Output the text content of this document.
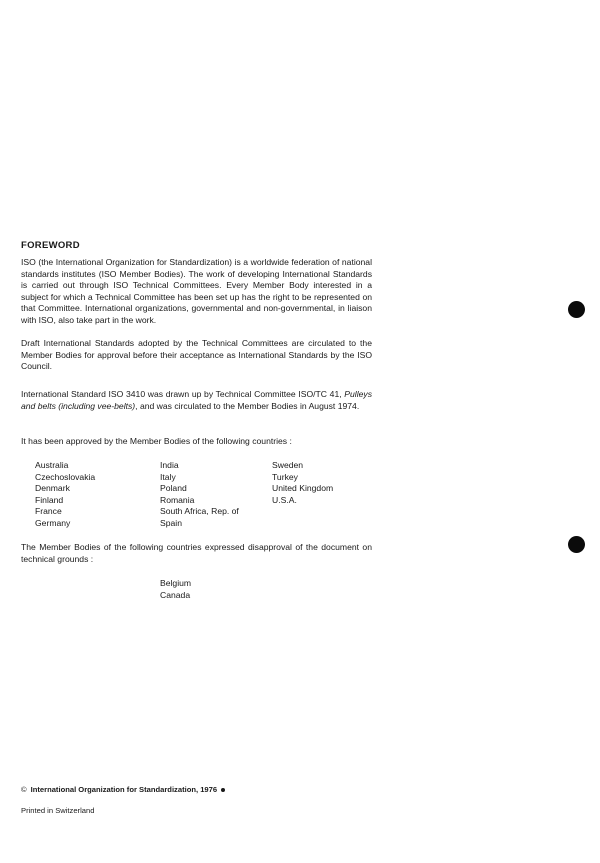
FOREWORD

ISO (the International Organization for Standardization) is a worldwide federation of national standards institutes (ISO Member Bodies). The work of developing International Standards is carried out through ISO Technical Committees. Every Member Body interested in a subject for which a Technical Committee has been set up has the right to be represented on that Committee. International organizations, governmental and non-governmental, in liaison with ISO, also take part in the work.

Draft International Standards adopted by the Technical Committees are circulated to the Member Bodies for approval before their acceptance as International Standards by the ISO Council.

International Standard ISO 3410 was drawn up by Technical Committee ISO/TC 41, Pulleys and belts (including vee-belts), and was circulated to the Member Bodies in August 1974.

It has been approved by the Member Bodies of the following countries :

Australia
Czechoslovakia
Denmark
Finland
France
Germany
India
Italy
Poland
Romania
South Africa, Rep. of
Spain
Sweden
Turkey
United Kingdom
U.S.A.

The Member Bodies of the following countries expressed disapproval of the document on technical grounds :

Belgium
Canada

© International Organization for Standardization, 1976

Printed in Switzerland
